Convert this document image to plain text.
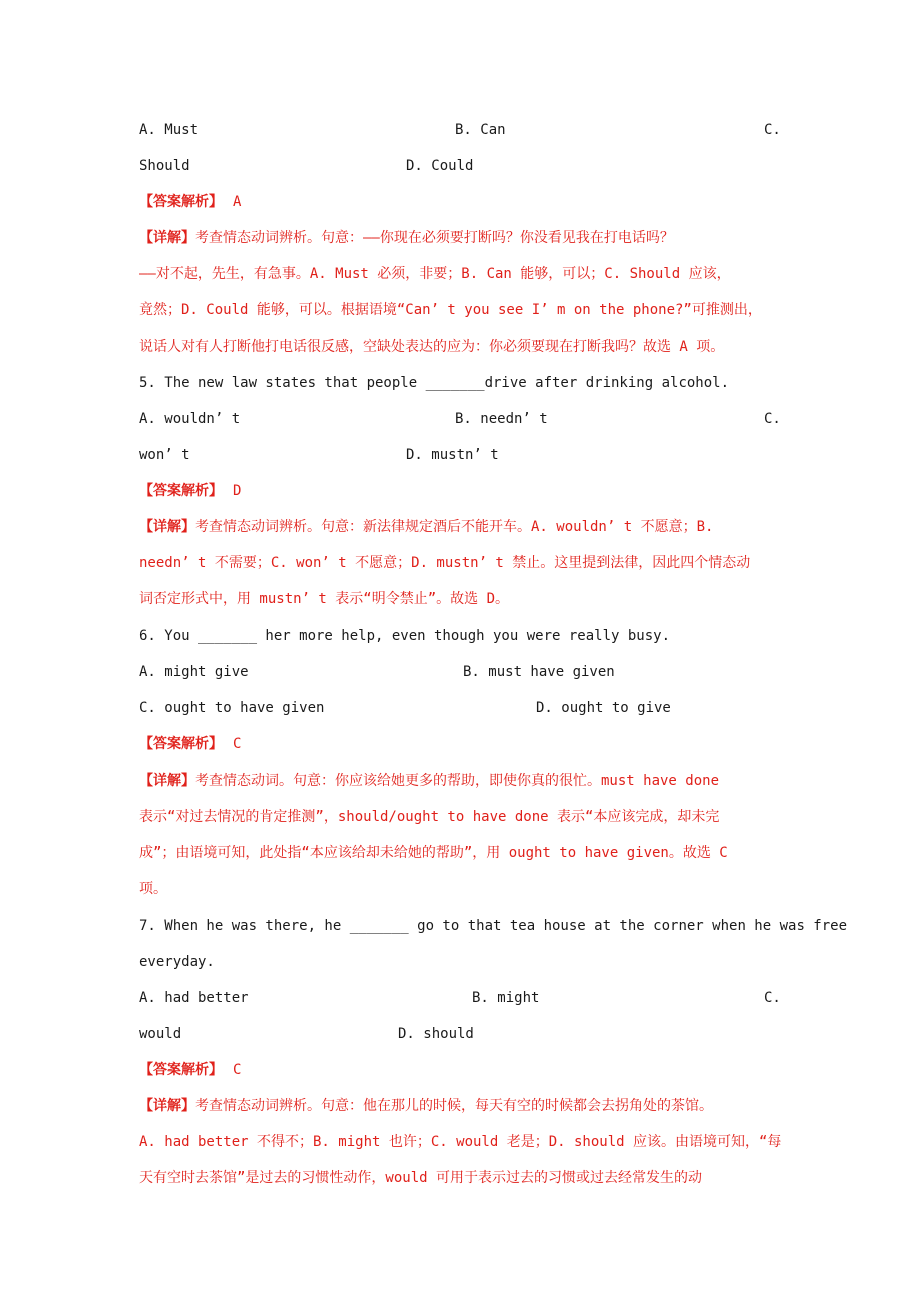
A. Must	B. Can	C.
Should	D. Could
【答案解析】 A
【详解】考查情态动词辨析。句意：——你现在必须要打断吗？你没看见我在打电话吗？
——对不起，先生，有急事。A. Must 必须，非要；B. Can 能够，可以；C. Should 应该，
竟然；D. Could 能够，可以。根据语境“Can’ t you see I’ m on the phone?”可推测出，
说话人对有人打断他打电话很反感，空缺处表达的应为：你必须要现在打断我吗？故选 A 项。
5. The new law states that people _______drive after drinking alcohol.
A. wouldn’ t	B. needn’ t	C.
won’ t	D. mustn’ t
【答案解析】 D
【详解】考查情态动词辨析。句意：新法律规定酒后不能开车。A. wouldn’ t 不愿意；B.
needn’ t 不需要；C. won’ t 不愿意；D. mustn’ t 禁止。这里提到法律，因此四个情态动
词否定形式中，用 mustn’ t 表示“明令禁止”。故选 D。
6. You _______ her more help, even though you were really busy.
A. might give	B. must have given
C. ought to have given	D. ought to give
【答案解析】 C
【详解】考查情态动词。句意：你应该给她更多的帮助，即使你真的很忙。must have done
表示“对过去情况的肯定推测”，should/ought to have done 表示“本应该完成，却未完
成”；由语境可知，此处指“本应该给却未给她的帮助”，用 ought to have given。故选 C
项。
7. When he was there, he _______ go to that tea house at the corner when he was free
everyday.
A. had better	B. might	C.
would	D. should
【答案解析】 C
【详解】考查情态动词辨析。句意：他在那儿的时候，每天有空的时候都会去拐角处的茶馆。
A. had better 不得不；B. might 也许；C. would 老是；D. should 应该。由语境可知，“每
天有空时去茶馆”是过去的习惯性动作，would 可用于表示过去的习惯或过去经常发生的动
